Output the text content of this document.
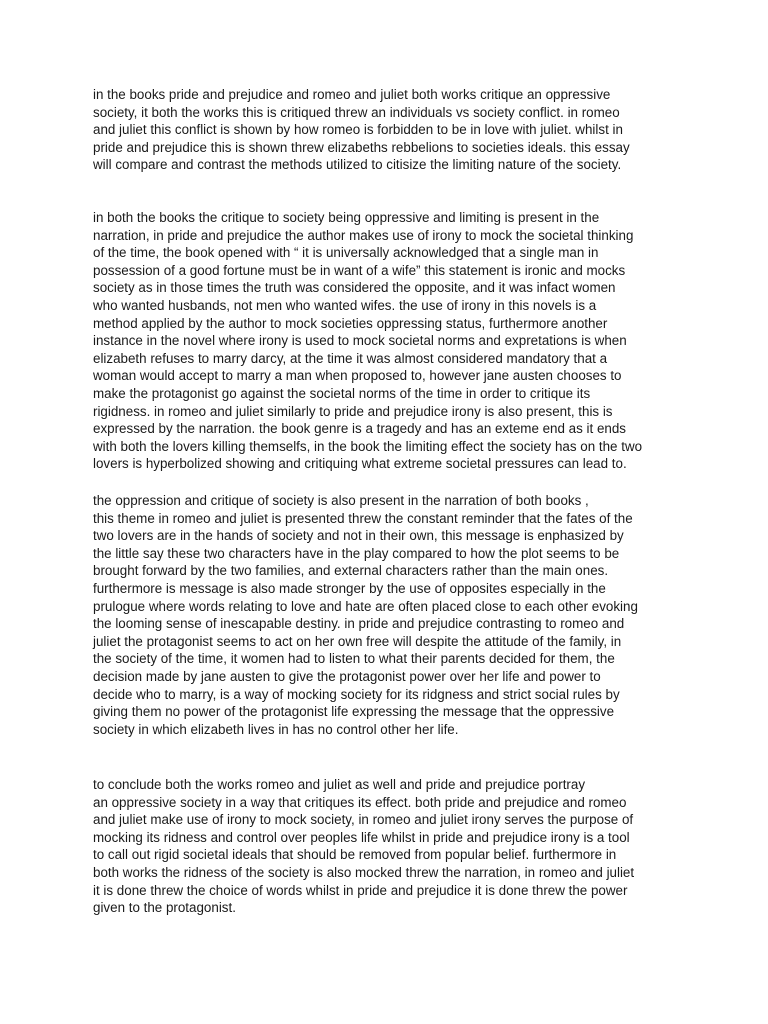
in the books pride and prejudice and romeo and juliet both works critique an oppressive
society, it both the works this is critiqued threw an individuals vs society conflict. in romeo
and juliet this conflict is shown by how romeo is forbidden to be in love with juliet. whilst in
pride and prejudice this is shown threw elizabeths rebbelions to societies ideals. this essay
will compare and contrast the methods utilized to citisize the limiting nature of the society.

in both the books the critique to society being oppressive and limiting is present in the
narration, in pride and prejudice the author makes use of irony to mock the societal thinking
of the time, the book opened with “ it is universally acknowledged that a single man in
possession of a good fortune must be in want of a wife” this statement is ironic and mocks
society as in those times the truth was considered the opposite, and it was infact women
who wanted husbands, not men who wanted wifes. the use of irony in this novels is a
method applied by the author to mock societies oppressing status, furthermore another
instance in the novel where irony is used to mock societal norms and expretations is when
elizabeth refuses to marry darcy, at the time it was almost considered mandatory that a
woman would accept to marry a man when proposed to, however jane austen chooses to
make the protagonist go against the societal norms of the time in order to critique its
rigidness. in romeo and juliet similarly to pride and prejudice irony is also present, this is
expressed by the narration. the book genre is a tragedy and has an exteme end as it ends
with both the lovers killing themselfs, in the book the limiting effect the society has on the two
lovers is hyperbolized showing and critiquing what extreme societal pressures can lead to.

the oppression and critique of society is also present in the narration of both books ,
this theme in romeo and juliet is presented threw the constant reminder that the fates of the
two lovers are in the hands of society and not in their own, this message is enphasized by
the little say these two characters have in the play compared to how the plot seems to be
brought forward by the two families, and external characters rather than the main ones.
furthermore is message is also made stronger by the use of opposites especially in the
prulogue where words relating to love and hate are often placed close to each other evoking
the looming sense of inescapable destiny. in pride and prejudice contrasting to romeo and
juliet the protagonist seems to act on her own free will despite the attitude of the family, in
the society of the time, it women had to listen to what their parents decided for them, the
decision made by jane austen to give the protagonist power over her life and power to
decide who to marry, is a way of mocking society for its ridgness and strict social rules by
giving them no power of the protagonist life expressing the message that the oppressive
society in which elizabeth lives in has no control other her life.

to conclude both the works romeo and juliet as well and pride and prejudice portray
an oppressive society in a way that critiques its effect. both pride and prejudice and romeo
and juliet make use of irony to mock society, in romeo and juliet irony serves the purpose of
mocking its ridness and control over peoples life whilst in pride and prejudice irony is a tool
to call out rigid societal ideals that should be removed from popular belief. furthermore in
both works the ridness of the society is also mocked threw the narration, in romeo and juliet
it is done threw the choice of words whilst in pride and prejudice it is done threw the power
given to the protagonist.
